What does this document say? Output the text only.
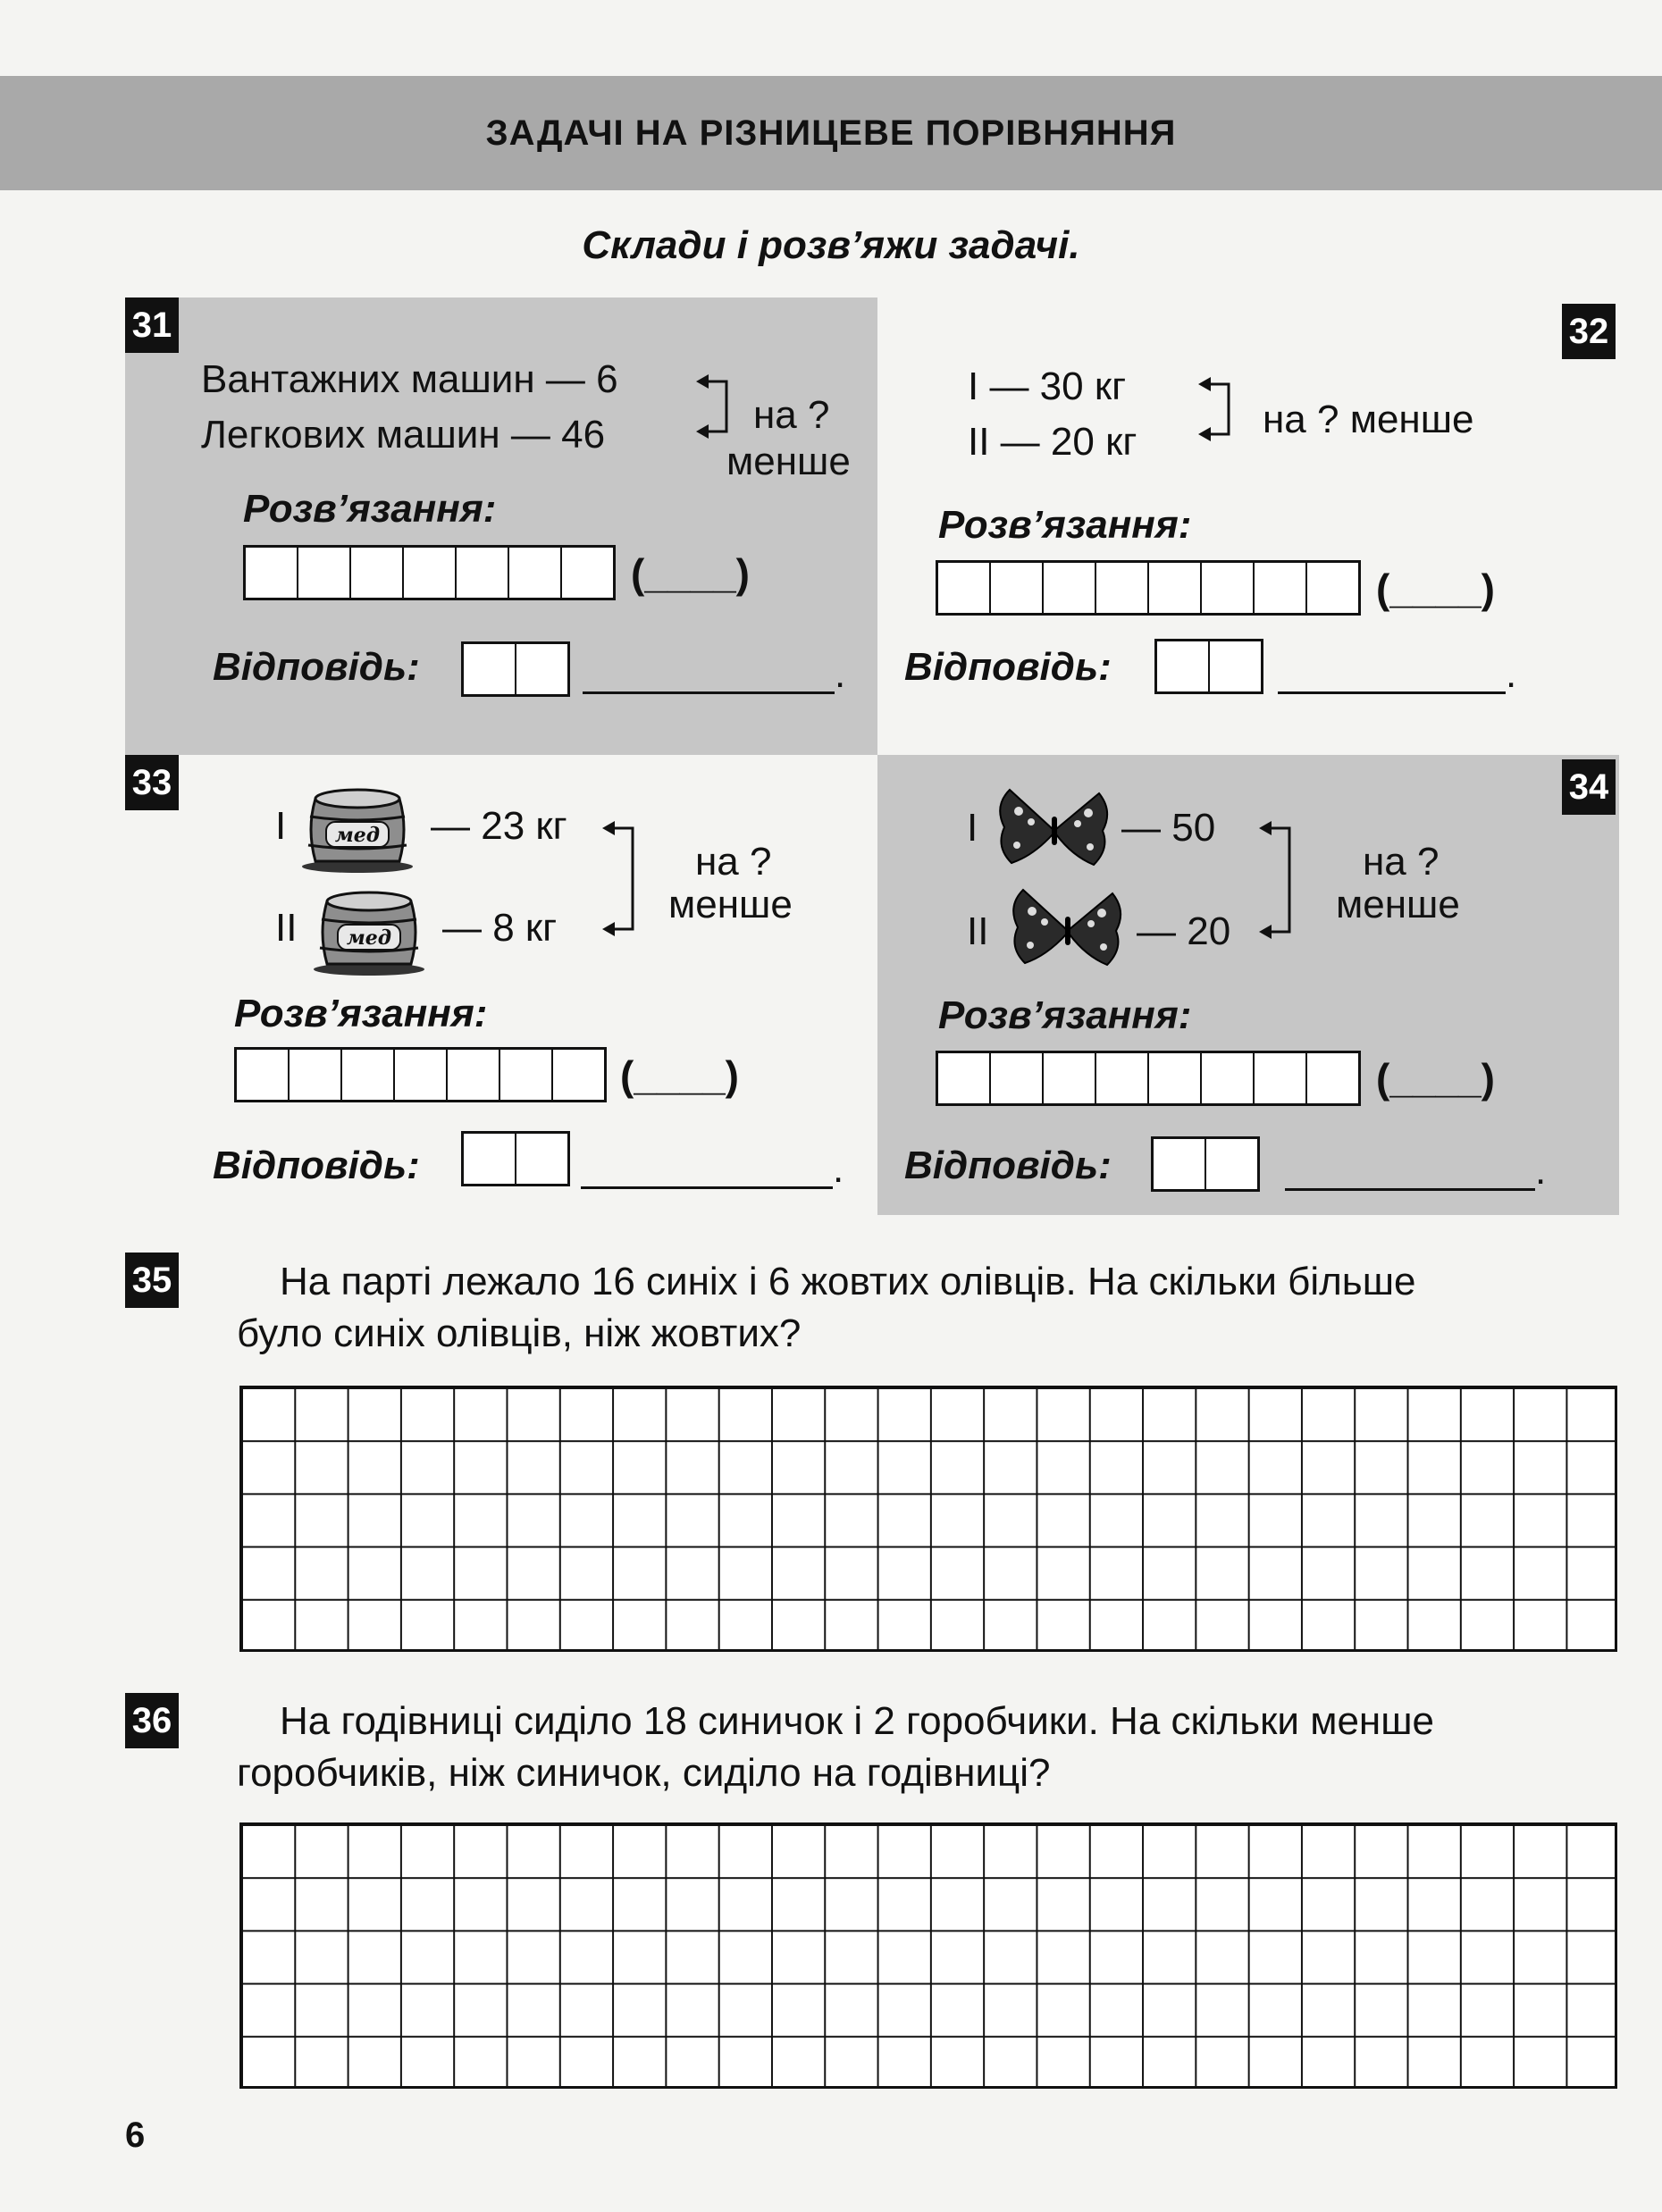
ЗАДАЧІ НА РІЗНИЦЕВЕ ПОРІВНЯННЯ
Склади і розв’яжи задачі.
31
Вантажних машин — 6
Легкових машин — 46	на ?
менше
Розв’язання:
(____)
Відповідь:	.
32
I — 30 кг
II — 20 кг
на ? менше
Розв’язання:
(____)
Відповідь:	.
33
I мед — 23 кг
II	мед — 8 кг
на ?
менше
Розв’язання:
(____)
Відповідь:	.
34
I	— 50
II	— 20
на ?
менше
Розв’язання:
(____)
Відповідь:	.
35	На парті лежало 16 синіх і 6 жовтих олівців. На скільки більше
було синіх олівців, ніж жовтих?
36	На годівниці сиділо 18 синичок і 2 горобчики. На скільки менше
горобчиків, ніж синичок, сиділо на годівниці?
6
